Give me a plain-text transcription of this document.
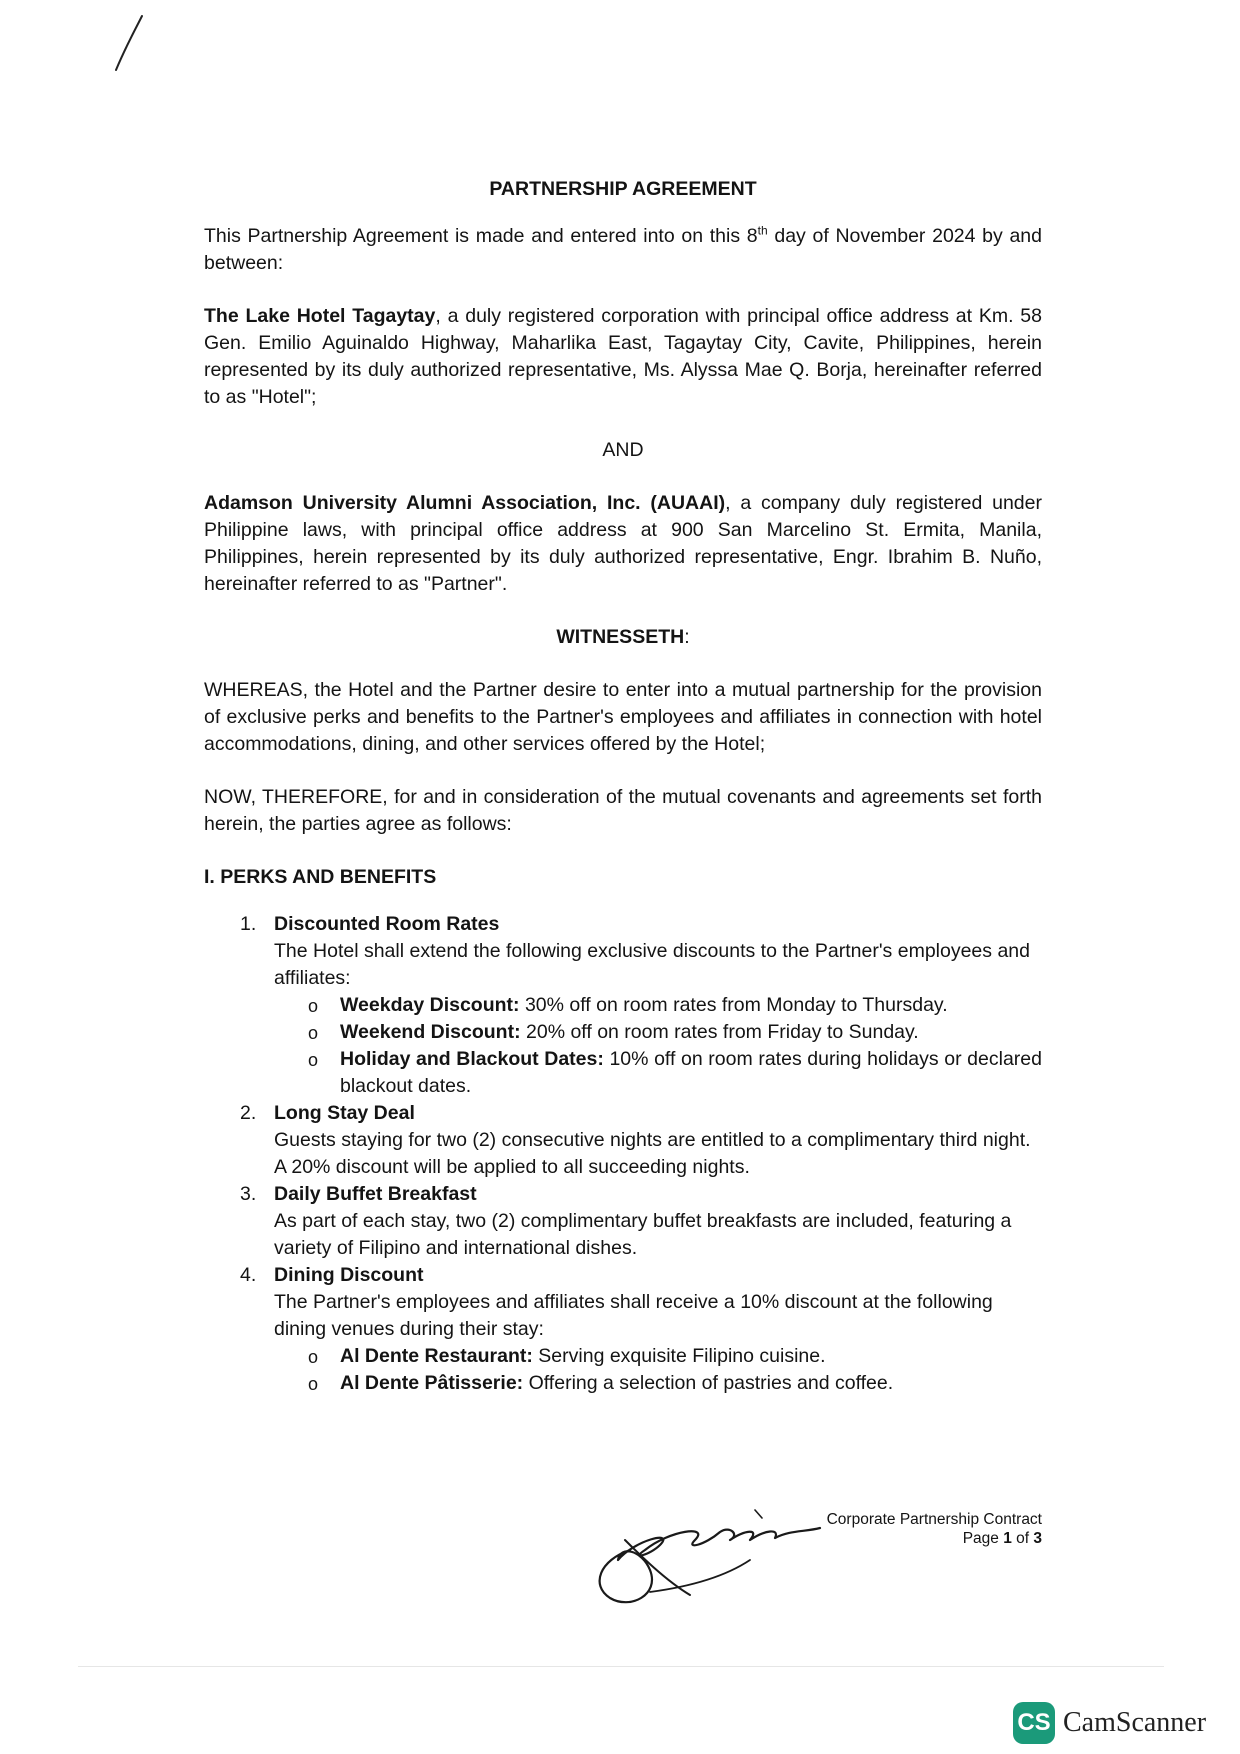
PARTNERSHIP AGREEMENT

This Partnership Agreement is made and entered into on this 8th day of November 2024 by and between:

The Lake Hotel Tagaytay, a duly registered corporation with principal office address at Km. 58 Gen. Emilio Aguinaldo Highway, Maharlika East, Tagaytay City, Cavite, Philippines, herein represented by its duly authorized representative, Ms. Alyssa Mae Q. Borja, hereinafter referred to as "Hotel";

AND

Adamson University Alumni Association, Inc. (AUAAI), a company duly registered under Philippine laws, with principal office address at 900 San Marcelino St. Ermita, Manila, Philippines, herein represented by its duly authorized representative, Engr. Ibrahim B. Nuño, hereinafter referred to as "Partner".

WITNESSETH:

WHEREAS, the Hotel and the Partner desire to enter into a mutual partnership for the provision of exclusive perks and benefits to the Partner's employees and affiliates in connection with hotel accommodations, dining, and other services offered by the Hotel;

NOW, THEREFORE, for and in consideration of the mutual covenants and agreements set forth herein, the parties agree as follows:

I. PERKS AND BENEFITS
1. Discounted Room Rates

The Hotel shall extend the following exclusive discounts to the Partner's employees and affiliates:

o Weekday Discount: 30% off on room rates from Monday to Thursday.
o Weekend Discount: 20% off on room rates from Friday to Sunday.
o Holiday and Blackout Dates: 10% off on room rates during holidays or declared blackout dates.
2. Long Stay Deal

Guests staying for two (2) consecutive nights are entitled to a complimentary third night. A 20% discount will be applied to all succeeding nights.

3. Daily Buffet Breakfast

As part of each stay, two (2) complimentary buffet breakfasts are included, featuring a variety of Filipino and international dishes.

4. Dining Discount

The Partner's employees and affiliates shall receive a 10% discount at the following dining venues during their stay:

o Al Dente Restaurant: Serving exquisite Filipino cuisine.
o Al Dente Pâtisserie: Offering a selection of pastries and coffee.
Corporate Partnership Contract
Page 1 of 3
CS CamScanner
